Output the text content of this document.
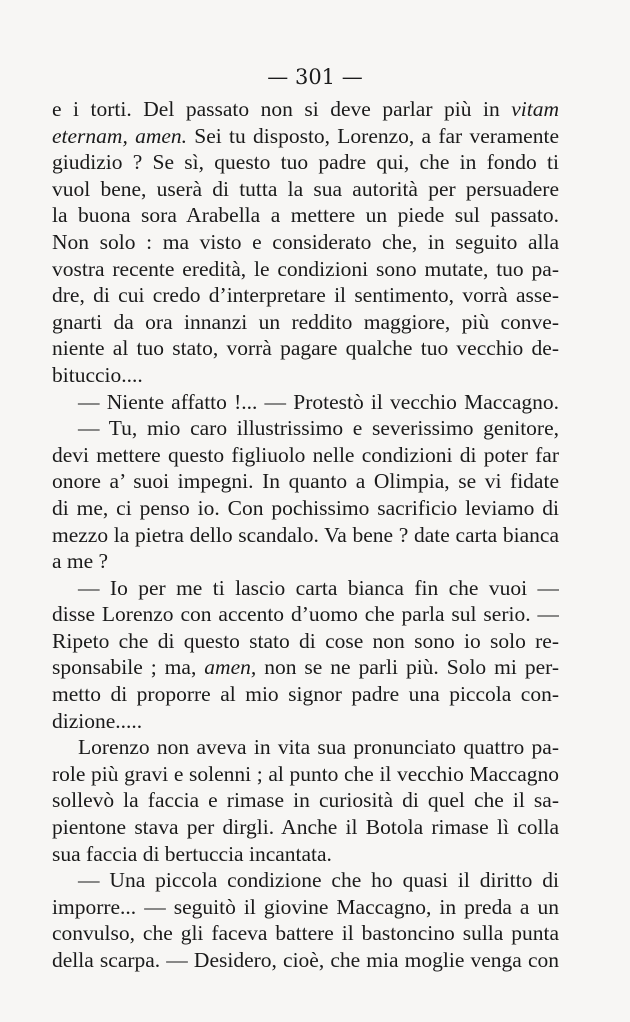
— 301 —
e i torti. Del passato non si deve parlar più in vitam
eternam, amen. Sei tu disposto, Lorenzo, a far veramente
giudizio ? Se sì, questo tuo padre qui, che in fondo ti
vuol bene, userà di tutta la sua autorità per persuadere
la buona sora Arabella a mettere un piede sul passato.
Non solo : ma visto e considerato che, in seguito alla
vostra recente eredità, le condizioni sono mutate, tuo pa-
dre, di cui credo d’interpretare il sentimento, vorrà asse-
gnarti da ora innanzi un reddito maggiore, più conve-
niente al tuo stato, vorrà pagare qualche tuo vecchio de-
bituccio....
— Niente affatto !... — Protestò il vecchio Maccagno.
— Tu, mio caro illustrissimo e severissimo genitore,
devi mettere questo figliuolo nelle condizioni di poter far
onore a’ suoi impegni. In quanto a Olimpia, se vi fidate
di me, ci penso io. Con pochissimo sacrificio leviamo di
mezzo la pietra dello scandalo. Va bene ? date carta bianca
a me ?
— Io per me ti lascio carta bianca fin che vuoi —
disse Lorenzo con accento d’uomo che parla sul serio. —
Ripeto che di questo stato di cose non sono io solo re-
sponsabile ; ma, amen, non se ne parli più. Solo mi per-
metto di proporre al mio signor padre una piccola con-
dizione.....
Lorenzo non aveva in vita sua pronunciato quattro pa-
role più gravi e solenni ; al punto che il vecchio Maccagno
sollevò la faccia e rimase in curiosità di quel che il sa-
pientone stava per dirgli. Anche il Botola rimase lì colla
sua faccia di bertuccia incantata.
— Una piccola condizione che ho quasi il diritto di
imporre... — seguitò il giovine Maccagno, in preda a un
convulso, che gli faceva battere il bastoncino sulla punta
della scarpa. — Desidero, cioè, che mia moglie venga con
